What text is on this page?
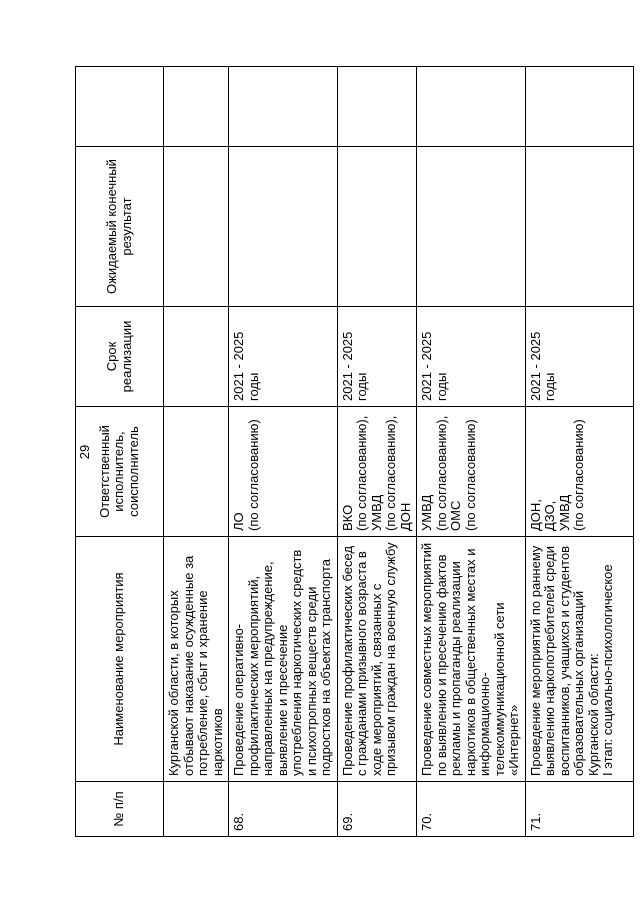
29
№ п/п	Наименование мероприятия	Ответственный исполнитель, соисполнитель	Срок реализации	Ожидаемый конечный результат	
	Курганской области, в которых отбывают наказание осужденные за потребление, сбыт и хранение наркотиков				
68.	Проведение оперативно-профилактических мероприятий, направленных на предупреждение, выявление и пресечение употребления наркотических средств и психотропных веществ среди подростков на объектах транспорта	ЛО
(по согласованию)	2021 - 2025 годы		
69.	Проведение профилактических бесед с гражданами призывного возраста в ходе мероприятий, связанных с призывом граждан на военную службу	ВКО
(по согласованию),
УМВД
(по согласованию),
ДОН	2021 - 2025 годы		
70.	Проведение совместных мероприятий по выявлению и пресечению фактов рекламы и пропаганды реализации наркотиков в общественных местах и информационно-телекоммуникационной сети «Интернет»	УМВД
(по согласованию),
ОМС
(по согласованию)	2021 - 2025 годы		
71.	Проведение мероприятий по раннему выявлению наркопотребителей среди воспитанников, учащихся и студентов образовательных организаций Курганской области:
I этап: социально-психологическое	ДОН,
ДЗО,
УМВД
(по согласованию)	2021 - 2025 годы		
